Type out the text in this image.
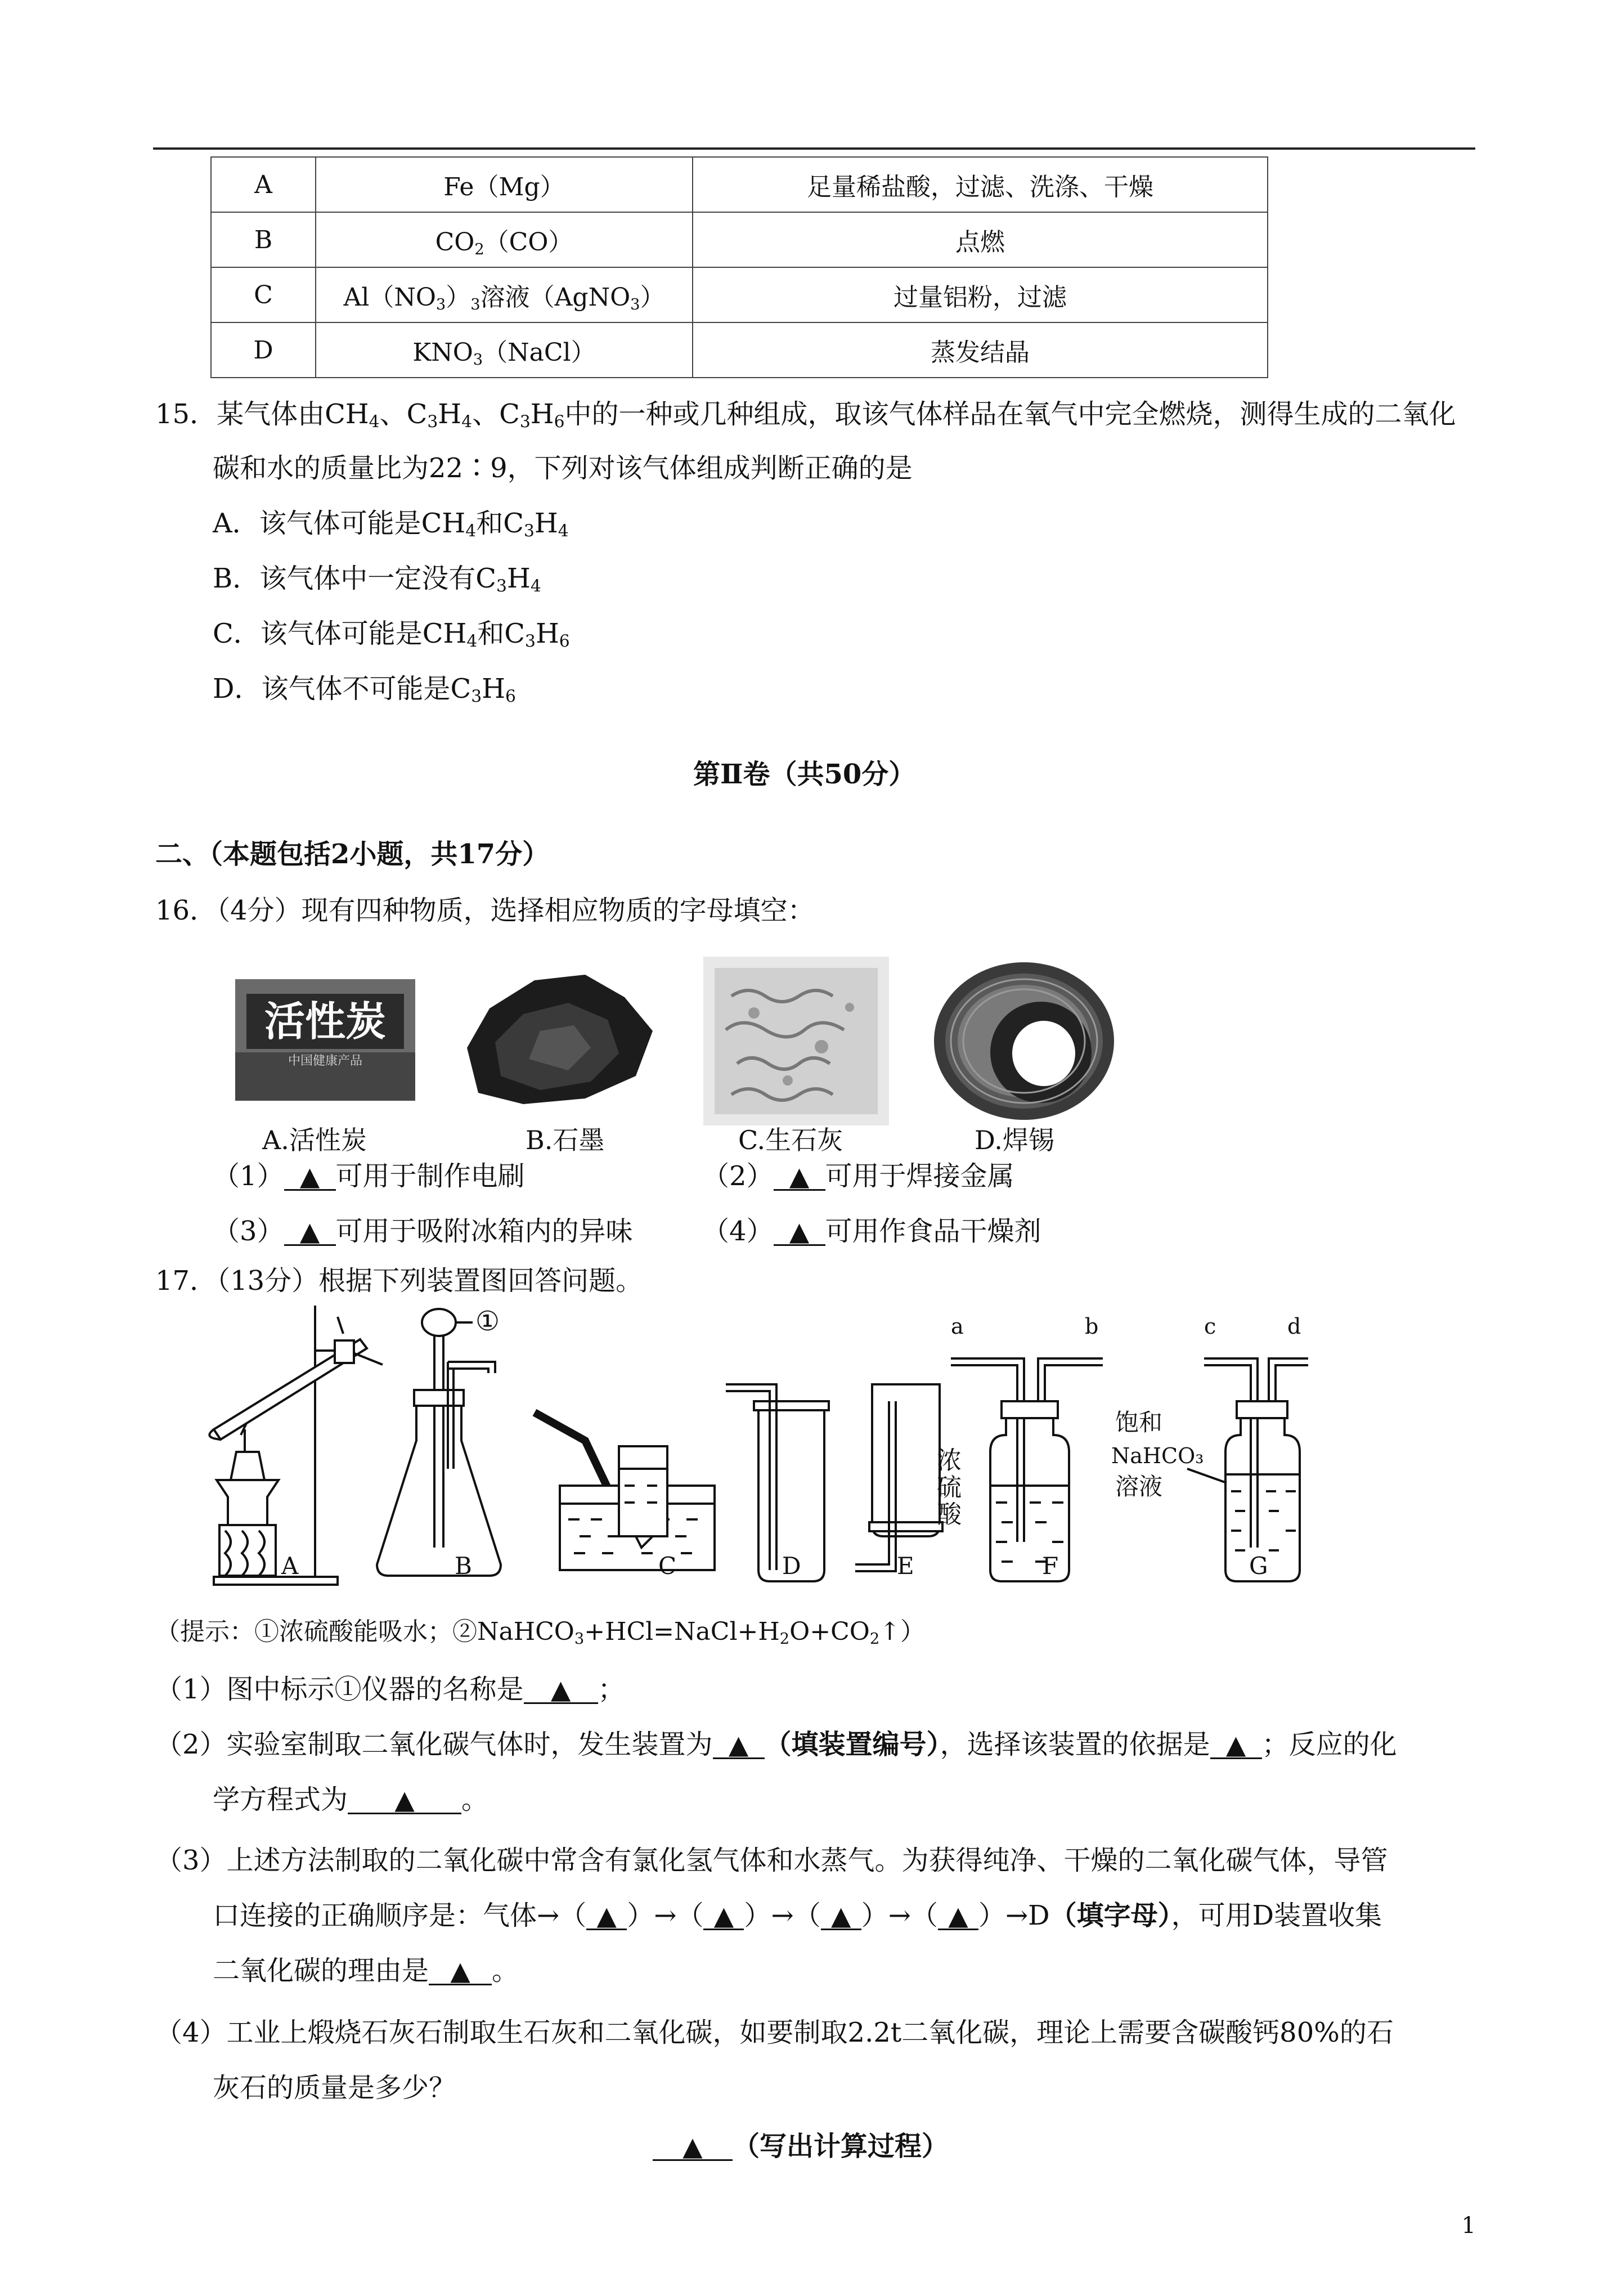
A	Fe（Mg）	足量稀盐酸，过滤、洗涤、干燥
B	$CO_2(CO)$	点燃
C	$Al(NO_3)_3$溶液（AgNO$_3$）	过量铝粉，过滤
D	$KNO_3(NaCl)$	蒸发结晶
15．某气体由$CH_4$、$C_3H_4$、$C_3H_6$中的一种或几种组成，取该气体样品在氧气中完全燃烧，测得生成的二氧化
碳和水的质量比为22∶9，下列对该气体组成判断正确的是
A．该气体可能是$CH_4$和$C_3H_4$
B．该气体中一定没有$C_3H_4$
C．该气体可能是$CH_4$和$C_3H_6$
D．该气体不可能是$C_3H_6$
第Ⅱ卷（共50分）
二、（本题包括2小题，共17分）
16．（4分）现有四种物质，选择相应物质的字母填空：
活性炭
中国健康产品
A.活性炭	B.石墨	C.生石灰	D.焊锡
（1） ▲ 可用于制作电刷	（2） ▲ 可用于焊接金属
（3） ▲ 可用于吸附冰箱内的异味	（4） ▲ 可用作食品干燥剂
17．（13分）根据下列装置图回答问题。
①	a	b
浓
硫
酸
c	d
饱和
NaHCO₃
溶液
A	B	C	D	E	F	G
（提示：①浓硫酸能吸水；$②NaHCO_3+HCl=NaCl+H_2O+CO_2↑$）
（1）图中标示①仪器的名称是 ▲ ；
（2）实验室制取二氧化碳气体时，发生装置为 ▲ （填装置编号），选择该装置的依据是 ▲ ；反应的化
学方程式为 ▲ 。
（3）上述方法制取的二氧化碳中常含有氯化氢气体和水蒸气。为获得纯净、干燥的二氧化碳气体，导管
口连接的正确顺序是：气体→（ ▲ ）→（ ▲ ）→（ ▲ ）→（ ▲ ）→D（填字母），可用D装置收集
二氧化碳的理由是 ▲ 。
（4）工业上煅烧石灰石制取生石灰和二氧化碳，如要制取2.2t二氧化碳，理论上需要含碳酸钙80%的石
灰石的质量是多少？
▲ （写出计算过程）
1
